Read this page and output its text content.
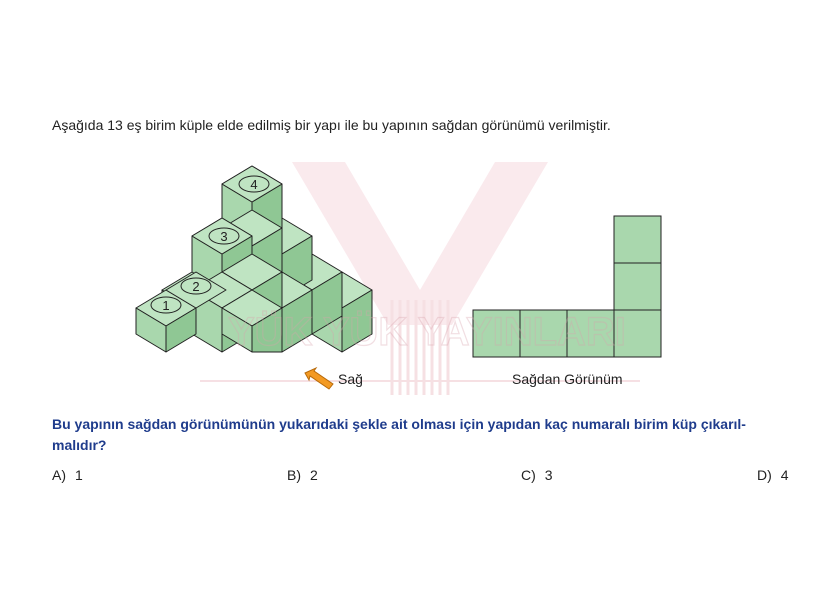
Aşağıda 13 eş birim küple elde edilmiş bir yapı ile bu yapının sağdan görünümü verilmiştir.
1
2
3
4
YÜK YÜK YAYINLARI
Sağ	Sağdan Görünüm
Bu yapının sağdan görünümünün yukarıdaki şekle ait olması için yapıdan kaç numaralı birim küp çıkarıl-malıdır?
A) 1	B) 2	C) 3	D) 4
